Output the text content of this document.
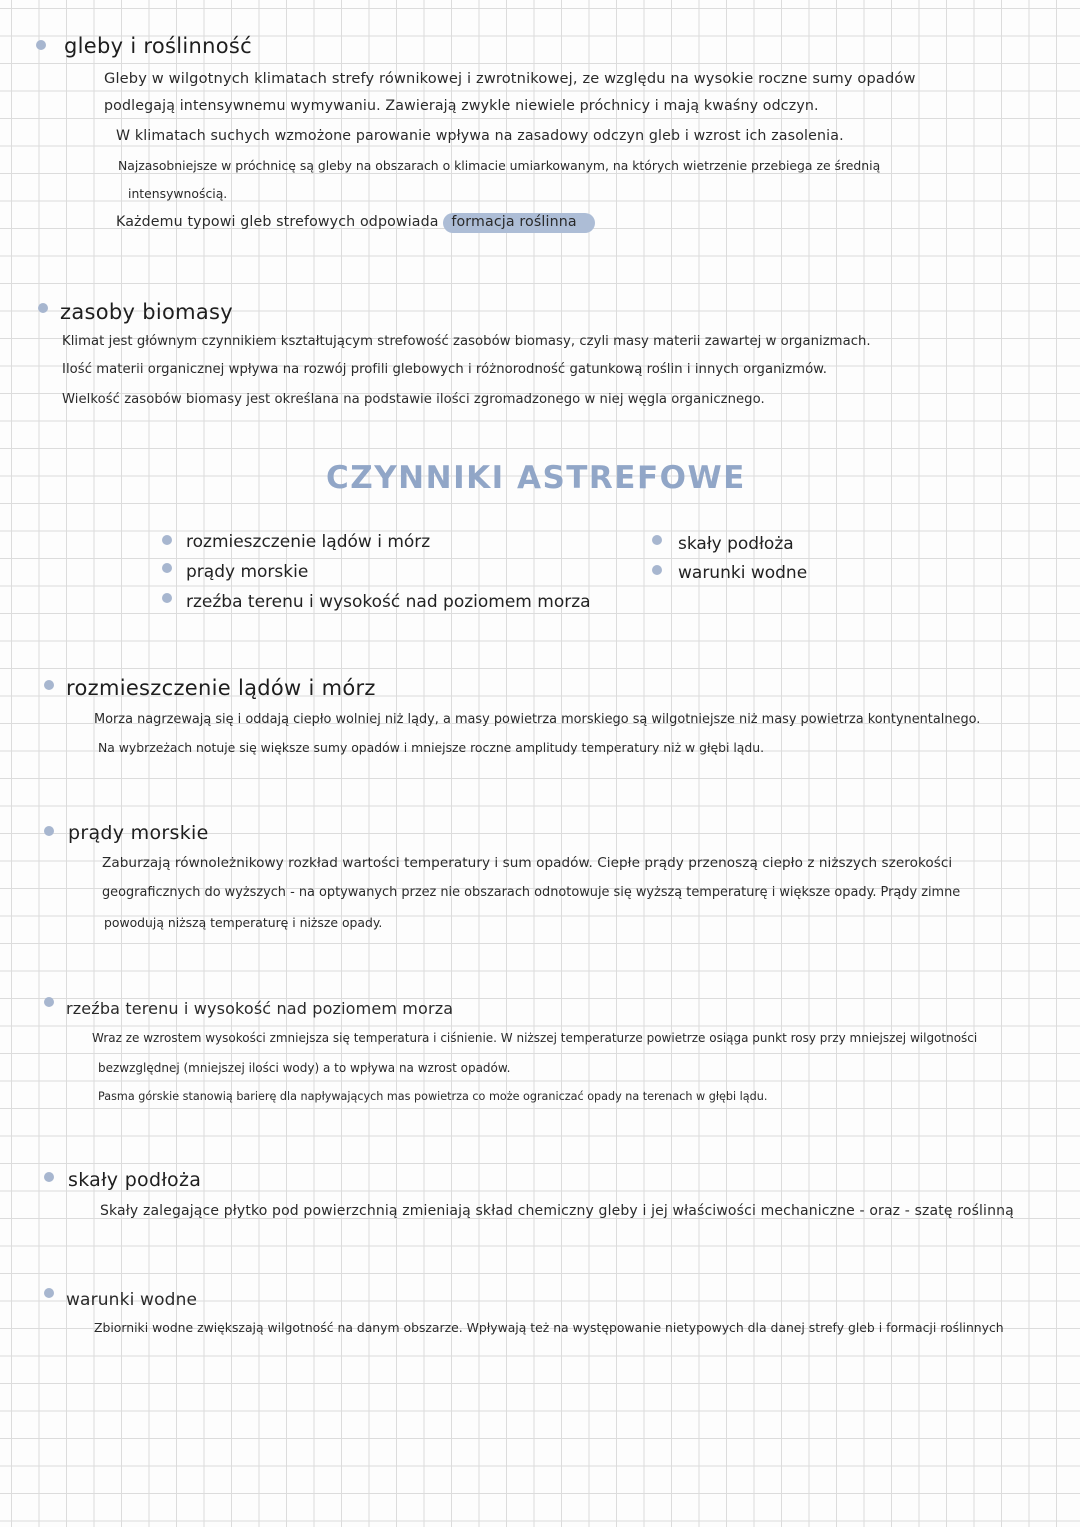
gleby i roślinność
Gleby w wilgotnych klimatach strefy równikowej i zwrotnikowej, ze względu na wysokie roczne sumy opadów
podlegają intensywnemu wymywaniu. Zawierają zwykle niewiele próchnicy i mają kwaśny odczyn.
W klimatach suchych wzmożone parowanie wpływa na zasadowy odczyn gleb i wzrost ich zasolenia.
Najzasobniejsze w próchnicę są gleby na obszarach o klimacie umiarkowanym, na których wietrzenie przebiega ze średnią
intensywnością.
Każdemu typowi gleb strefowych odpowiada formacja roślinna
zasoby biomasy
Klimat jest głównym czynnikiem kształtującym strefowość zasobów biomasy, czyli masy materii zawartej w organizmach.
Ilość materii organicznej wpływa na rozwój profili glebowych i różnorodność gatunkową roślin i innych organizmów.
Wielkość zasobów biomasy jest określana na podstawie ilości zgromadzonego w niej węgla organicznego.
CZYNNIKI ASTREFOWE
rozmieszczenie lądów i mórz
prądy morskie
rzeźba terenu i wysokość nad poziomem morza
skały podłoża
warunki wodne
rozmieszczenie lądów i mórz
Morza nagrzewają się i oddają ciepło wolniej niż lądy, a masy powietrza morskiego są wilgotniejsze niż masy powietrza kontynentalnego.
Na wybrzeżach notuje się większe sumy opadów i mniejsze roczne amplitudy temperatury niż w głębi lądu.
prądy morskie
Zaburzają równoleżnikowy rozkład wartości temperatury i sum opadów. Ciepłe prądy przenoszą ciepło z niższych szerokości
geograficznych do wyższych - na optywanych przez nie obszarach odnotowuje się wyższą temperaturę i większe opady. Prądy zimne
powodują niższą temperaturę i niższe opady.
rzeźba terenu i wysokość nad poziomem morza
Wraz ze wzrostem wysokości zmniejsza się temperatura i ciśnienie. W niższej temperaturze powietrze osiąga punkt rosy przy mniejszej wilgotności
bezwzględnej (mniejszej ilości wody) a to wpływa na wzrost opadów.
Pasma górskie stanowią barierę dla napływających mas powietrza co może ograniczać opady na terenach w głębi lądu.
skały podłoża
Skały zalegające płytko pod powierzchnią zmieniają skład chemiczny gleby i jej właściwości mechaniczne - oraz - szatę roślinną
warunki wodne
Zbiorniki wodne zwiększają wilgotność na danym obszarze. Wpływają też na występowanie nietypowych dla danej strefy gleb i formacji roślinnych
